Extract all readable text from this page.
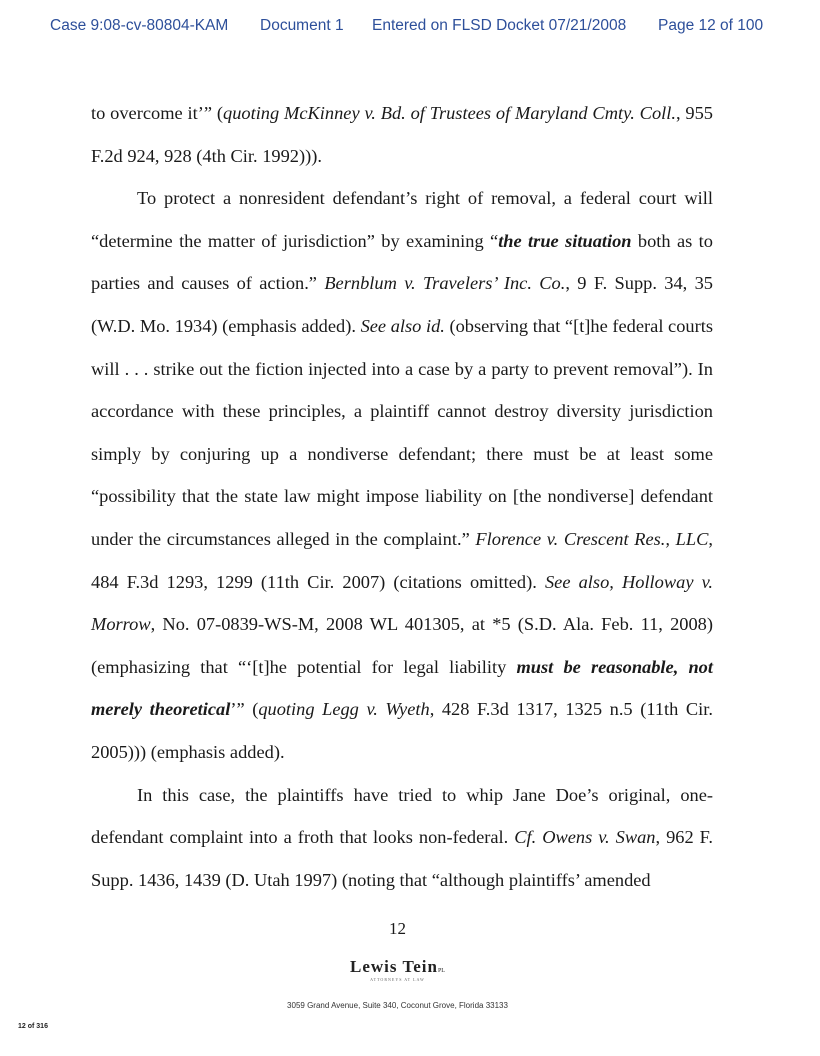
Case 9:08-cv-80804-KAM Document 1 Entered on FLSD Docket 07/21/2008 Page 12 of 100

to overcome it’” (quoting McKinney v. Bd. of Trustees of Maryland Cmty. Coll., 955 F.2d 924, 928 (4th Cir. 1992))).

To protect a nonresident defendant’s right of removal, a federal court will “determine the matter of jurisdiction” by examining “the true situation both as to parties and causes of action.” Bernblum v. Travelers’ Inc. Co., 9 F. Supp. 34, 35 (W.D. Mo. 1934) (emphasis added). See also id. (observing that “[t]he federal courts will . . . strike out the fiction injected into a case by a party to prevent removal”). In accordance with these principles, a plaintiff cannot destroy diversity jurisdiction simply by conjuring up a nondiverse defendant; there must be at least some “possibility that the state law might impose liability on [the nondiverse] defendant under the circumstances alleged in the complaint.” Florence v. Crescent Res., LLC, 484 F.3d 1293, 1299 (11th Cir. 2007) (citations omitted). See also, Holloway v. Morrow, No. 07-0839-WS-M, 2008 WL 401305, at *5 (S.D. Ala. Feb. 11, 2008) (emphasizing that “‘[t]he potential for legal liability must be reasonable, not merely theoretical’” (quoting Legg v. Wyeth, 428 F.3d 1317, 1325 n.5 (11th Cir. 2005))) (emphasis added).

In this case, the plaintiffs have tried to whip Jane Doe’s original, one-defendant complaint into a froth that looks non-federal. Cf. Owens v. Swan, 962 F. Supp. 1436, 1439 (D. Utah 1997) (noting that “although plaintiffs’ amended

12
Lewis TeinPL
ATTORNEYS AT LAW
3059 Grand Avenue, Suite 340, Coconut Grove, Florida 33133
12 of 316
